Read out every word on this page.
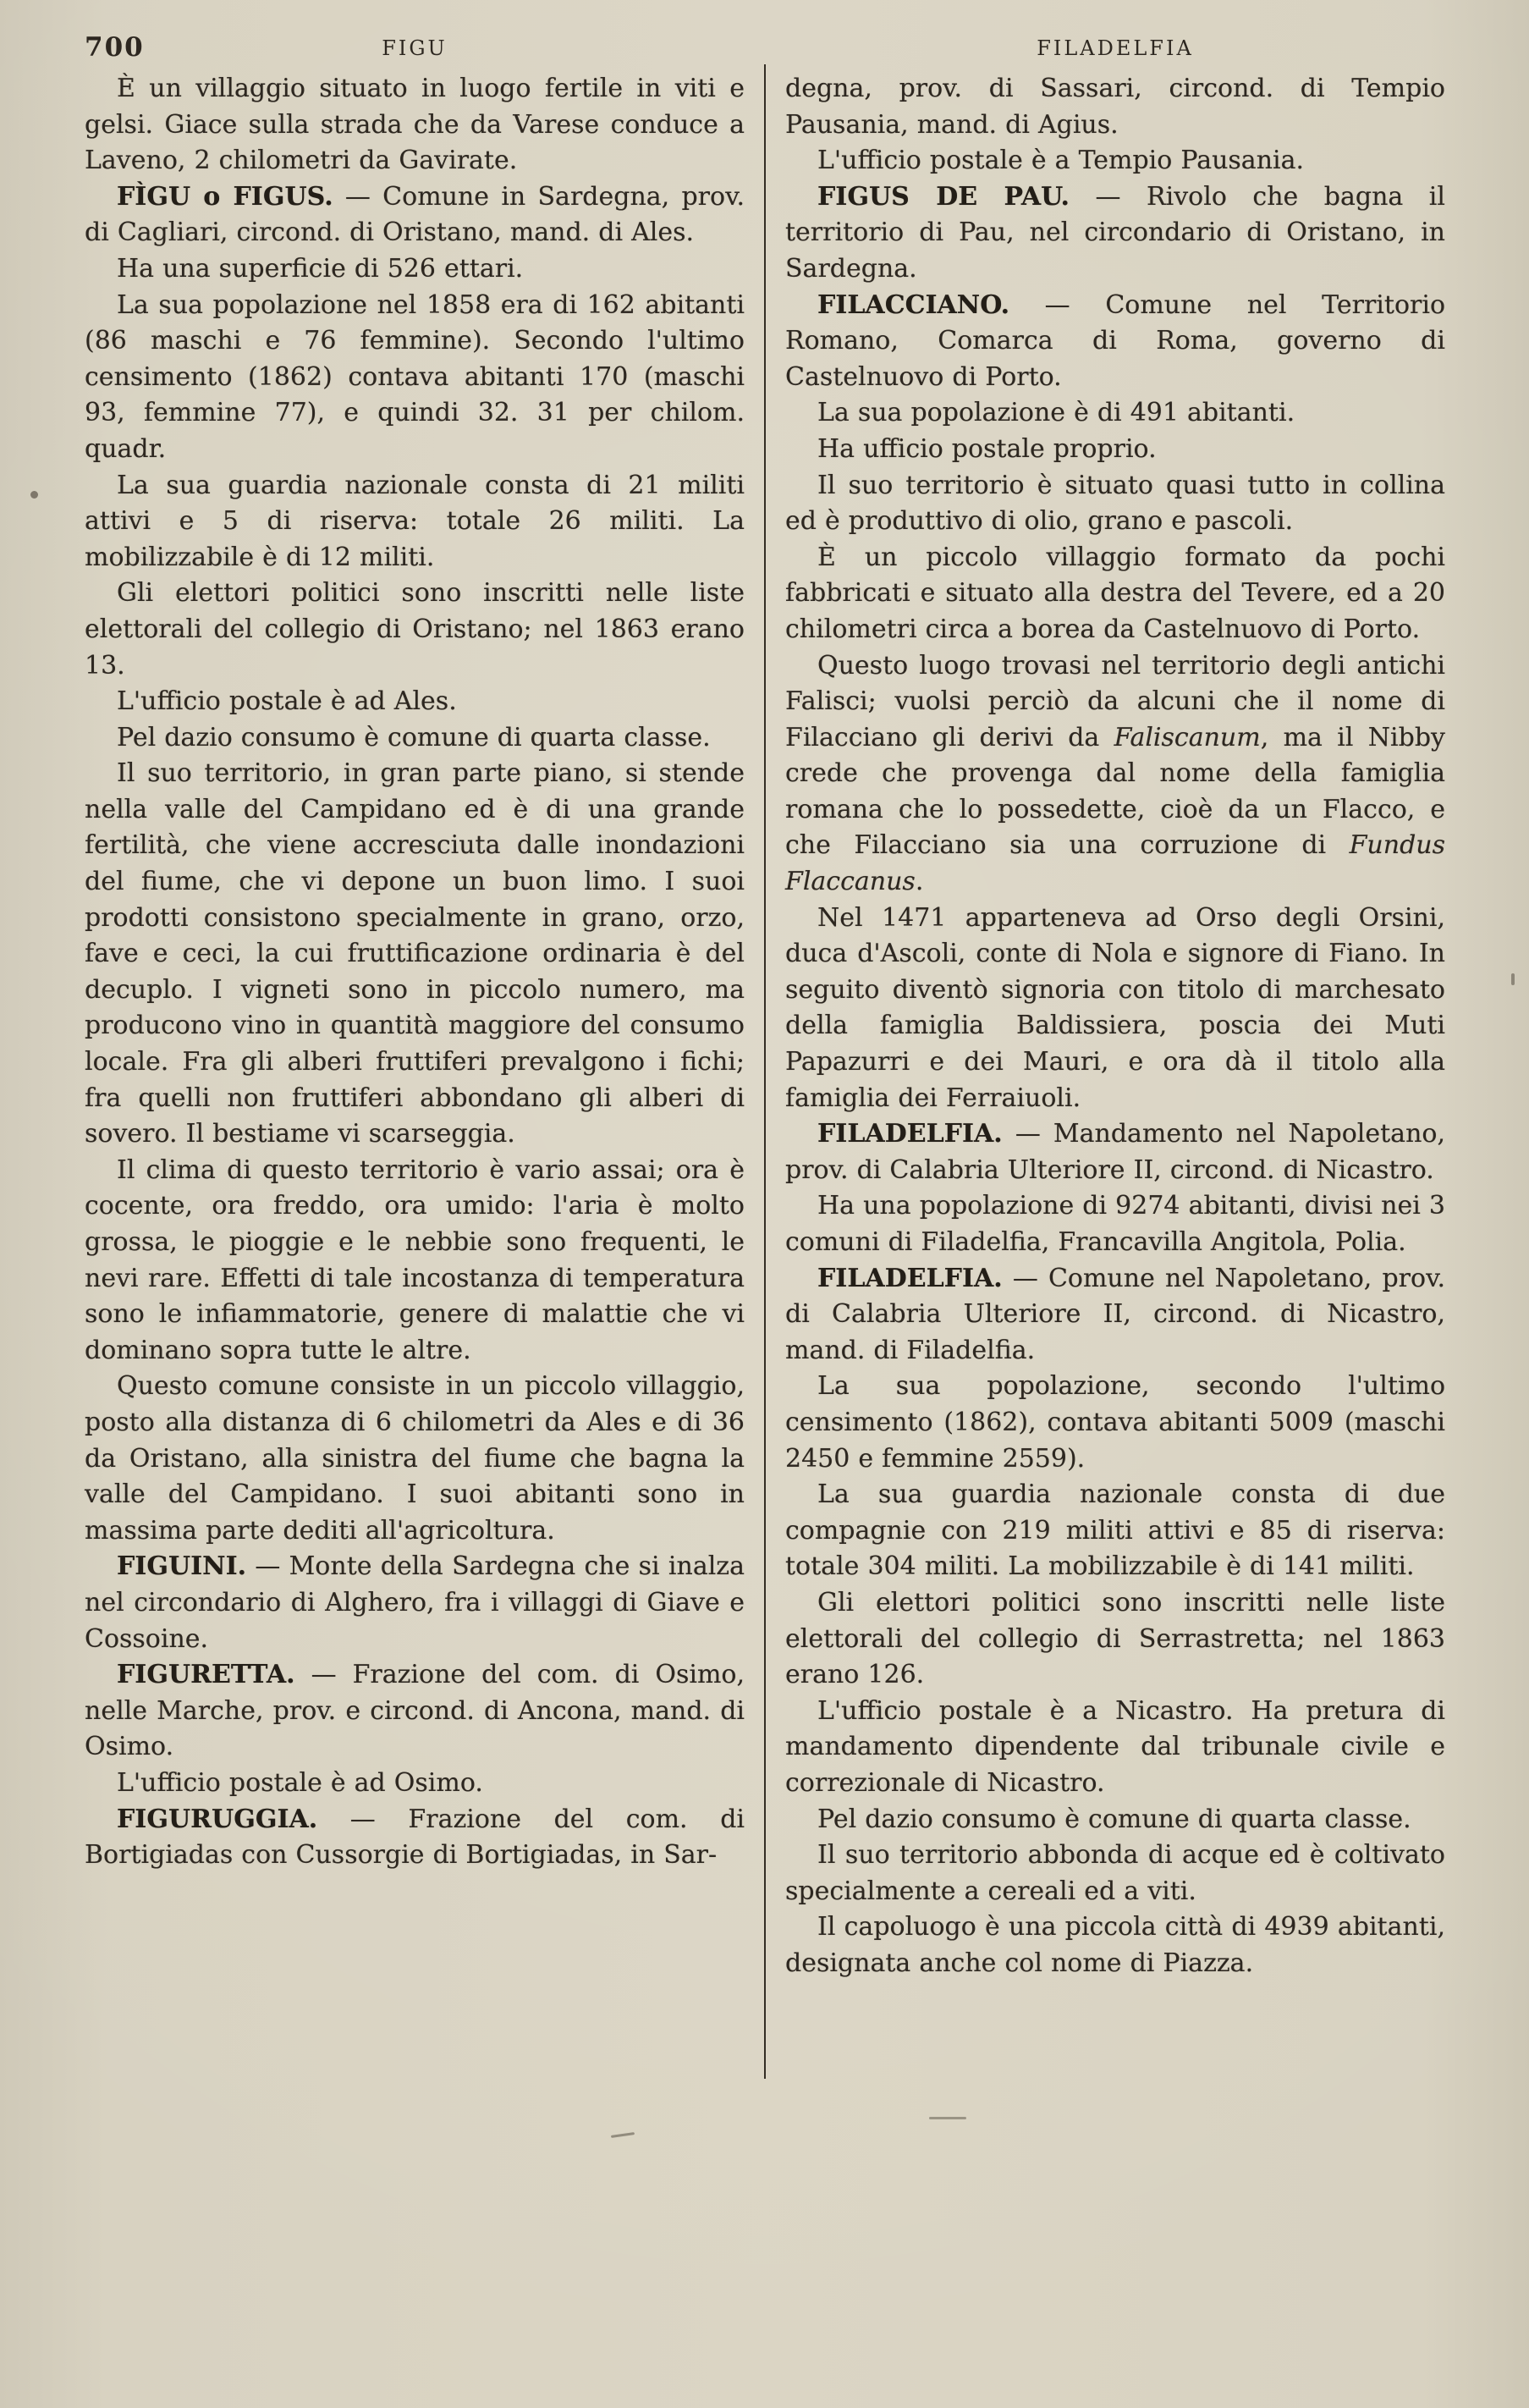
700	FIGU	FILADELFIA

È un villaggio situato in luogo fertile in viti e gelsi. Giace sulla strada che da Varese conduce a Laveno, 2 chilometri da Gavirate.

FÌGU o FIGUS. — Comune in Sardegna, prov. di Cagliari, circond. di Oristano, mand. di Ales.

Ha una superficie di 526 ettari.

La sua popolazione nel 1858 era di 162 abitanti (86 maschi e 76 femmine). Secondo l'ultimo censimento (1862) contava abitanti 170 (maschi 93, femmine 77), e quindi 32. 31 per chilom. quadr.

La sua guardia nazionale consta di 21 militi attivi e 5 di riserva: totale 26 militi. La mobilizzabile è di 12 militi.

Gli elettori politici sono inscritti nelle liste elettorali del collegio di Oristano; nel 1863 erano 13.

L'ufficio postale è ad Ales.

Pel dazio consumo è comune di quarta classe.

Il suo territorio, in gran parte piano, si stende nella valle del Campidano ed è di una grande fertilità, che viene accresciuta dalle inondazioni del fiume, che vi depone un buon limo. I suoi prodotti consistono specialmente in grano, orzo, fave e ceci, la cui fruttificazione ordinaria è del decuplo. I vigneti sono in piccolo numero, ma producono vino in quantità maggiore del consumo locale. Fra gli alberi fruttiferi prevalgono i fichi; fra quelli non fruttiferi abbondano gli alberi di sovero. Il bestiame vi scarseggia.

Il clima di questo territorio è vario assai; ora è cocente, ora freddo, ora umido: l'aria è molto grossa, le pioggie e le nebbie sono frequenti, le nevi rare. Effetti di tale incostanza di temperatura sono le infiammatorie, genere di malattie che vi dominano sopra tutte le altre.

Questo comune consiste in un piccolo villaggio, posto alla distanza di 6 chilometri da Ales e di 36 da Oristano, alla sinistra del fiume che bagna la valle del Campidano. I suoi abitanti sono in massima parte dediti all'agricoltura.

FIGUINI. — Monte della Sardegna che si inalza nel circondario di Alghero, fra i villaggi di Giave e Cossoine.

FIGURETTA. — Frazione del com. di Osimo, nelle Marche, prov. e circond. di Ancona, mand. di Osimo.

L'ufficio postale è ad Osimo.

FIGURUGGIA. — Frazione del com. di Bortigiadas con Cussorgie di Bortigiadas, in Sar-

degna, prov. di Sassari, circond. di Tempio Pausania, mand. di Agius.

L'ufficio postale è a Tempio Pausania.

FIGUS DE PAU. — Rivolo che bagna il territorio di Pau, nel circondario di Oristano, in Sardegna.

FILACCIANO. — Comune nel Territorio Romano, Comarca di Roma, governo di Castelnuovo di Porto.

La sua popolazione è di 491 abitanti.

Ha ufficio postale proprio.

Il suo territorio è situato quasi tutto in collina ed è produttivo di olio, grano e pascoli.

È un piccolo villaggio formato da pochi fabbricati e situato alla destra del Tevere, ed a 20 chilometri circa a borea da Castelnuovo di Porto.

Questo luogo trovasi nel territorio degli antichi Falisci; vuolsi perciò da alcuni che il nome di Filacciano gli derivi da Faliscanum, ma il Nibby crede che provenga dal nome della famiglia romana che lo possedette, cioè da un Flacco, e che Filacciano sia una corruzione di Fundus Flaccanus.

Nel 1471 apparteneva ad Orso degli Orsini, duca d'Ascoli, conte di Nola e signore di Fiano. In seguito diventò signoria con titolo di marchesato della famiglia Baldissiera, poscia dei Muti Papazurri e dei Mauri, e ora dà il titolo alla famiglia dei Ferraiuoli.

FILADELFIA. — Mandamento nel Napoletano, prov. di Calabria Ulteriore II, circond. di Nicastro.

Ha una popolazione di 9274 abitanti, divisi nei 3 comuni di Filadelfia, Francavilla Angitola, Polia.

FILADELFIA. — Comune nel Napoletano, prov. di Calabria Ulteriore II, circond. di Nicastro, mand. di Filadelfia.

La sua popolazione, secondo l'ultimo censimento (1862), contava abitanti 5009 (maschi 2450 e femmine 2559).

La sua guardia nazionale consta di due compagnie con 219 militi attivi e 85 di riserva: totale 304 militi. La mobilizzabile è di 141 militi.

Gli elettori politici sono inscritti nelle liste elettorali del collegio di Serrastretta; nel 1863 erano 126.

L'ufficio postale è a Nicastro. Ha pretura di mandamento dipendente dal tribunale civile e correzionale di Nicastro.

Pel dazio consumo è comune di quarta classe.

Il suo territorio abbonda di acque ed è coltivato specialmente a cereali ed a viti.

Il capoluogo è una piccola città di 4939 abitanti, designata anche col nome di Piazza.
